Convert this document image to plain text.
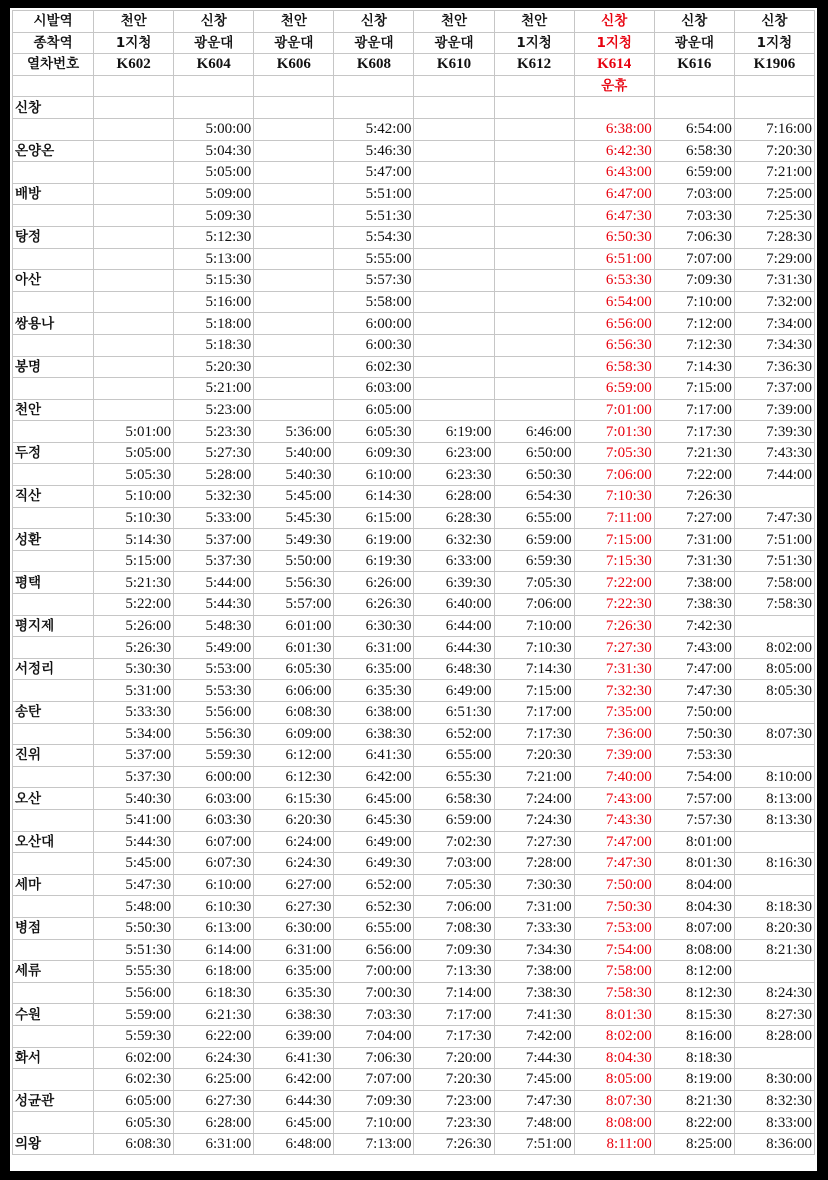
시발역	천안	신창	천안	신창	천안	천안	신창	신창	신창
종착역	1지청	광운대	광운대	광운대	광운대	1지청	1지청	광운대	1지청
열차번호	K602	K604	K606	K608	K610	K612	K614	K616	K1906
							운휴		
신창									
		5:00:00		5:42:00			6:38:00	6:54:00	7:16:00
온양온		5:04:30		5:46:30			6:42:30	6:58:30	7:20:30
		5:05:00		5:47:00			6:43:00	6:59:00	7:21:00
배방		5:09:00		5:51:00			6:47:00	7:03:00	7:25:00
		5:09:30		5:51:30			6:47:30	7:03:30	7:25:30
탕정		5:12:30		5:54:30			6:50:30	7:06:30	7:28:30
		5:13:00		5:55:00			6:51:00	7:07:00	7:29:00
아산		5:15:30		5:57:30			6:53:30	7:09:30	7:31:30
		5:16:00		5:58:00			6:54:00	7:10:00	7:32:00
쌍용나		5:18:00		6:00:00			6:56:00	7:12:00	7:34:00
		5:18:30		6:00:30			6:56:30	7:12:30	7:34:30
봉명		5:20:30		6:02:30			6:58:30	7:14:30	7:36:30
		5:21:00		6:03:00			6:59:00	7:15:00	7:37:00
천안		5:23:00		6:05:00			7:01:00	7:17:00	7:39:00
	5:01:00	5:23:30	5:36:00	6:05:30	6:19:00	6:46:00	7:01:30	7:17:30	7:39:30
두정	5:05:00	5:27:30	5:40:00	6:09:30	6:23:00	6:50:00	7:05:30	7:21:30	7:43:30
	5:05:30	5:28:00	5:40:30	6:10:00	6:23:30	6:50:30	7:06:00	7:22:00	7:44:00
직산	5:10:00	5:32:30	5:45:00	6:14:30	6:28:00	6:54:30	7:10:30	7:26:30	
	5:10:30	5:33:00	5:45:30	6:15:00	6:28:30	6:55:00	7:11:00	7:27:00	7:47:30
성환	5:14:30	5:37:00	5:49:30	6:19:00	6:32:30	6:59:00	7:15:00	7:31:00	7:51:00
	5:15:00	5:37:30	5:50:00	6:19:30	6:33:00	6:59:30	7:15:30	7:31:30	7:51:30
평택	5:21:30	5:44:00	5:56:30	6:26:00	6:39:30	7:05:30	7:22:00	7:38:00	7:58:00
	5:22:00	5:44:30	5:57:00	6:26:30	6:40:00	7:06:00	7:22:30	7:38:30	7:58:30
평지제	5:26:00	5:48:30	6:01:00	6:30:30	6:44:00	7:10:00	7:26:30	7:42:30	
	5:26:30	5:49:00	6:01:30	6:31:00	6:44:30	7:10:30	7:27:30	7:43:00	8:02:00
서정리	5:30:30	5:53:00	6:05:30	6:35:00	6:48:30	7:14:30	7:31:30	7:47:00	8:05:00
	5:31:00	5:53:30	6:06:00	6:35:30	6:49:00	7:15:00	7:32:30	7:47:30	8:05:30
송탄	5:33:30	5:56:00	6:08:30	6:38:00	6:51:30	7:17:00	7:35:00	7:50:00	
	5:34:00	5:56:30	6:09:00	6:38:30	6:52:00	7:17:30	7:36:00	7:50:30	8:07:30
진위	5:37:00	5:59:30	6:12:00	6:41:30	6:55:00	7:20:30	7:39:00	7:53:30	
	5:37:30	6:00:00	6:12:30	6:42:00	6:55:30	7:21:00	7:40:00	7:54:00	8:10:00
오산	5:40:30	6:03:00	6:15:30	6:45:00	6:58:30	7:24:00	7:43:00	7:57:00	8:13:00
	5:41:00	6:03:30	6:20:30	6:45:30	6:59:00	7:24:30	7:43:30	7:57:30	8:13:30
오산대	5:44:30	6:07:00	6:24:00	6:49:00	7:02:30	7:27:30	7:47:00	8:01:00	
	5:45:00	6:07:30	6:24:30	6:49:30	7:03:00	7:28:00	7:47:30	8:01:30	8:16:30
세마	5:47:30	6:10:00	6:27:00	6:52:00	7:05:30	7:30:30	7:50:00	8:04:00	
	5:48:00	6:10:30	6:27:30	6:52:30	7:06:00	7:31:00	7:50:30	8:04:30	8:18:30
병점	5:50:30	6:13:00	6:30:00	6:55:00	7:08:30	7:33:30	7:53:00	8:07:00	8:20:30
	5:51:30	6:14:00	6:31:00	6:56:00	7:09:30	7:34:30	7:54:00	8:08:00	8:21:30
세류	5:55:30	6:18:00	6:35:00	7:00:00	7:13:30	7:38:00	7:58:00	8:12:00	
	5:56:00	6:18:30	6:35:30	7:00:30	7:14:00	7:38:30	7:58:30	8:12:30	8:24:30
수원	5:59:00	6:21:30	6:38:30	7:03:30	7:17:00	7:41:30	8:01:30	8:15:30	8:27:30
	5:59:30	6:22:00	6:39:00	7:04:00	7:17:30	7:42:00	8:02:00	8:16:00	8:28:00
화서	6:02:00	6:24:30	6:41:30	7:06:30	7:20:00	7:44:30	8:04:30	8:18:30	
	6:02:30	6:25:00	6:42:00	7:07:00	7:20:30	7:45:00	8:05:00	8:19:00	8:30:00
성균관	6:05:00	6:27:30	6:44:30	7:09:30	7:23:00	7:47:30	8:07:30	8:21:30	8:32:30
	6:05:30	6:28:00	6:45:00	7:10:00	7:23:30	7:48:00	8:08:00	8:22:00	8:33:00
의왕	6:08:30	6:31:00	6:48:00	7:13:00	7:26:30	7:51:00	8:11:00	8:25:00	8:36:00
